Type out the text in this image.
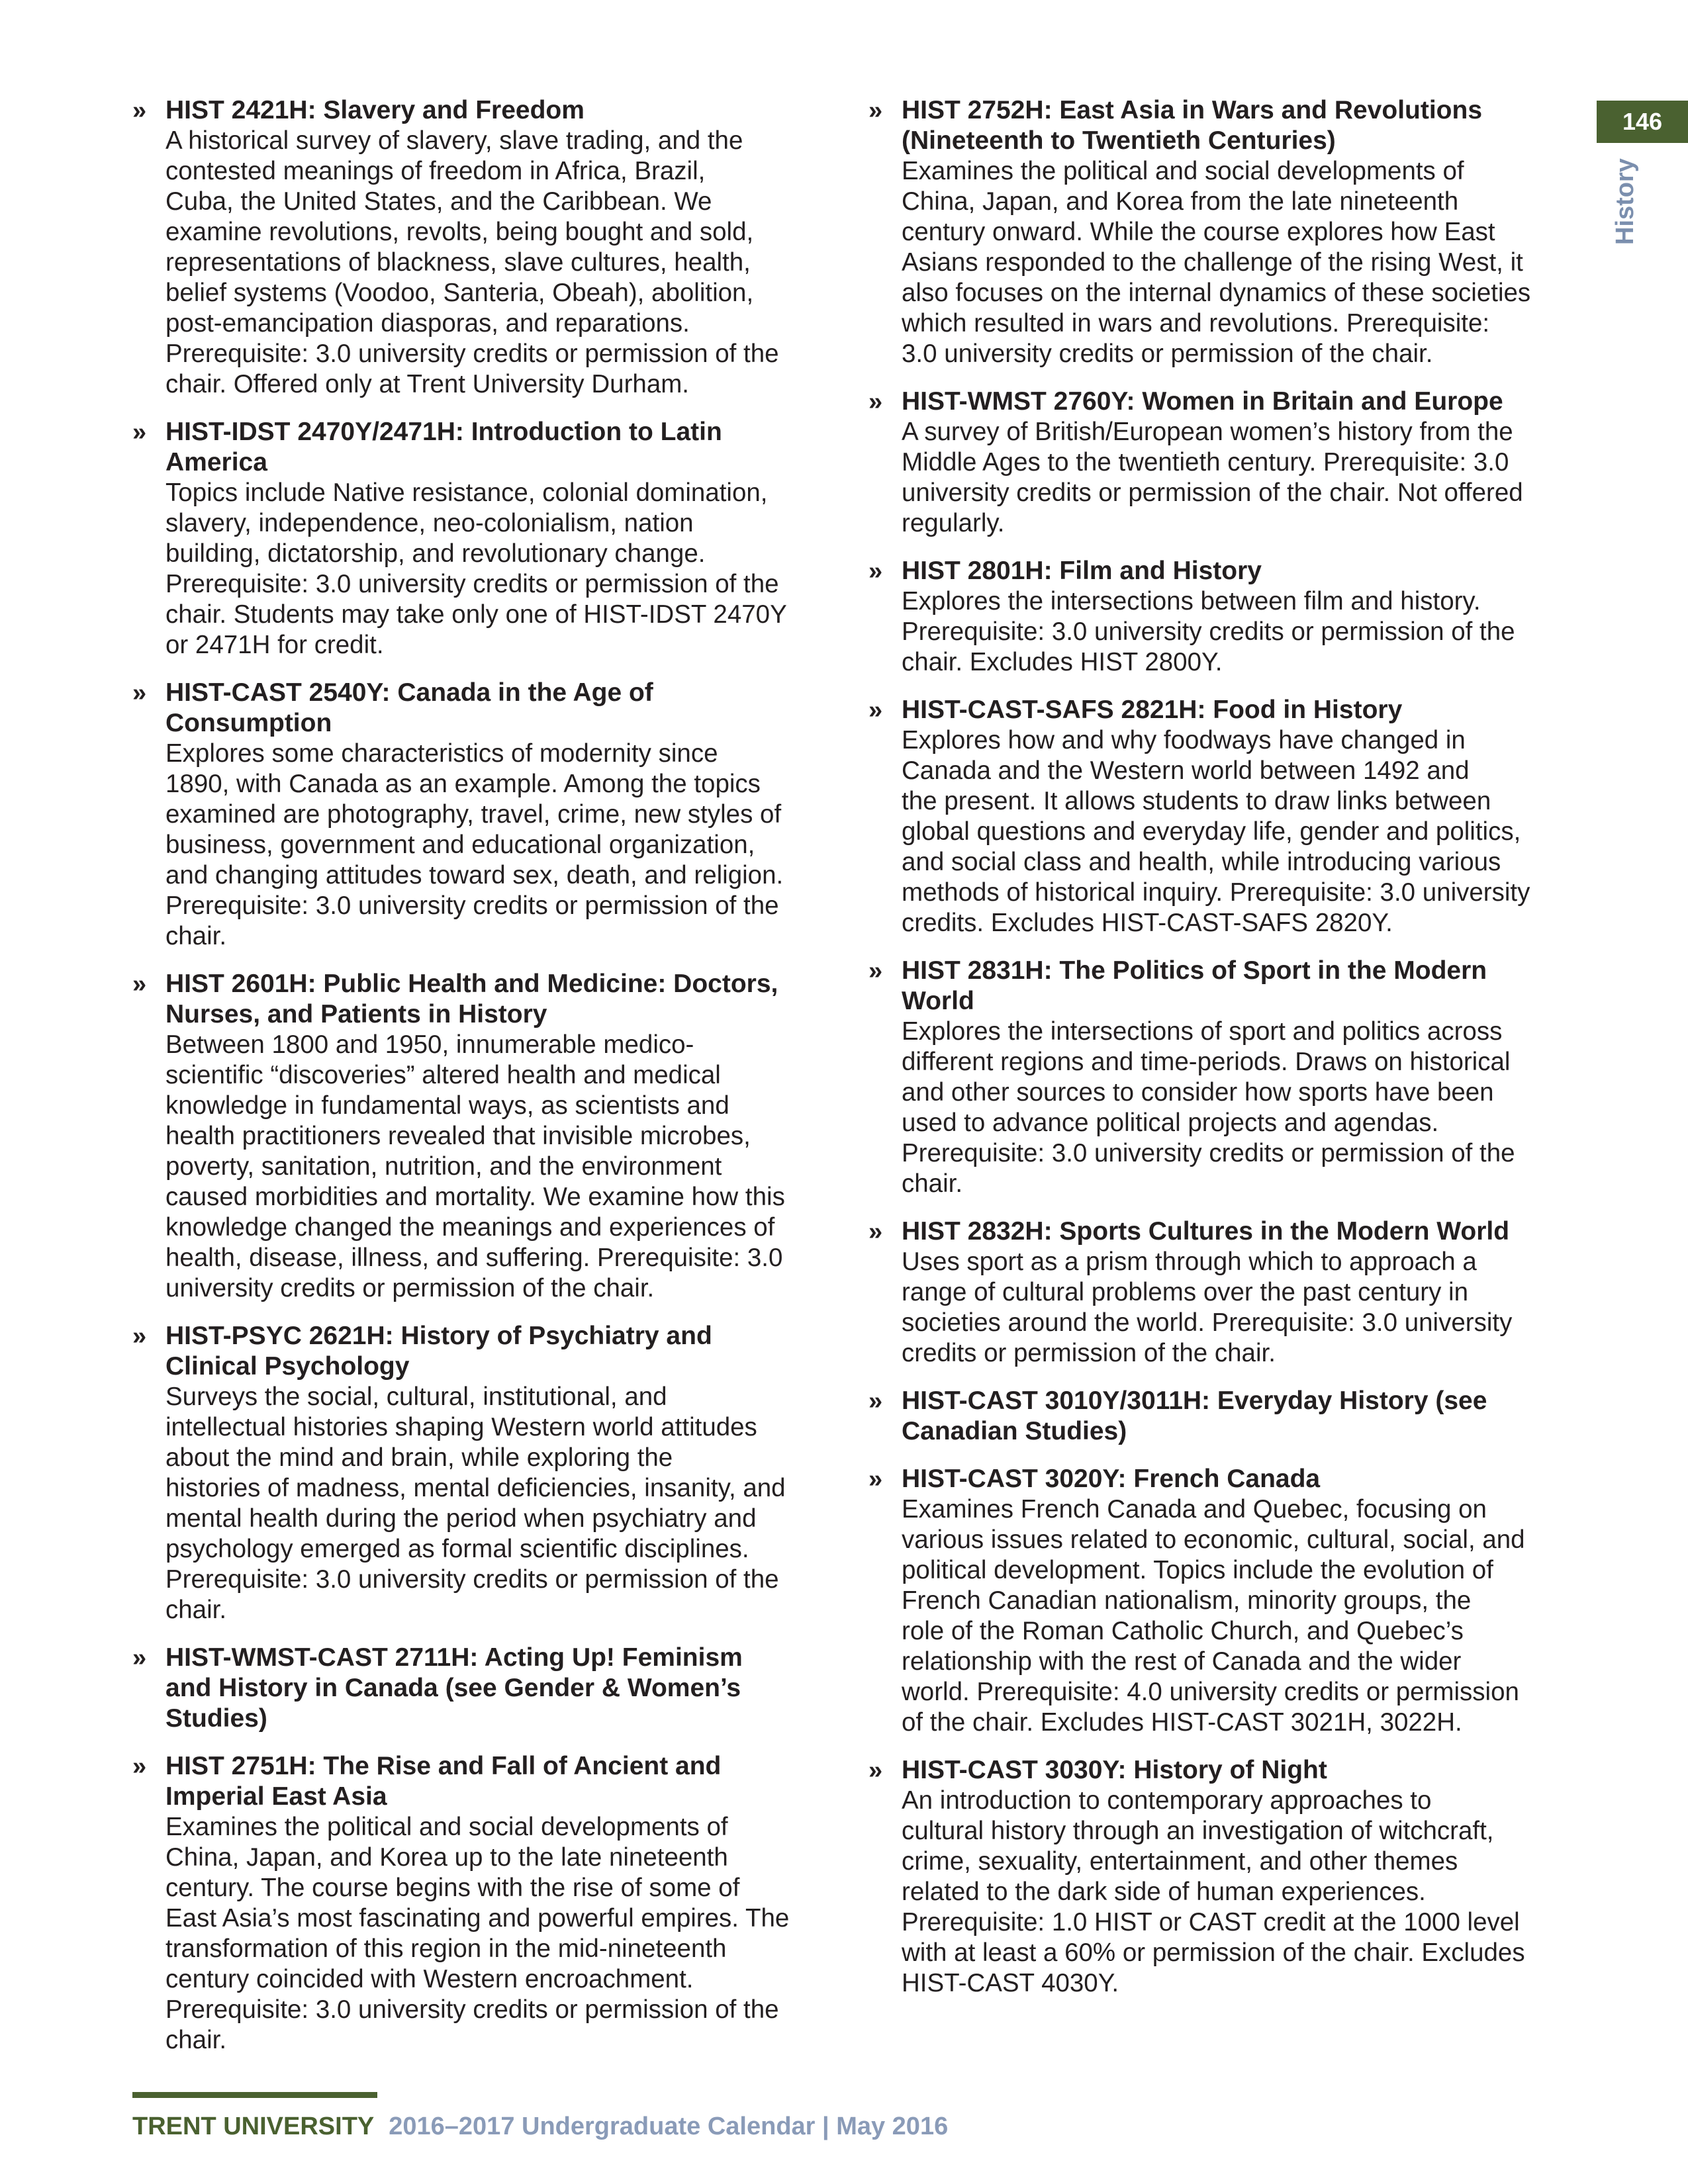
» HIST 2421H: Slavery and Freedom
A historical survey of slavery, slave trading, and the
contested meanings of freedom in Africa, Brazil,
Cuba, the United States, and the Caribbean. We
examine revolutions, revolts, being bought and sold,
representations of blackness, slave cultures, health,
belief systems (Voodoo, Santeria, Obeah), abolition,
post-emancipation diasporas, and reparations.
Prerequisite: 3.0 university credits or permission of the
chair. Offered only at Trent University Durham.
» HIST-IDST 2470Y/2471H: Introduction to Latin
America
Topics include Native resistance, colonial domination,
slavery, independence, neo-colonialism, nation
building, dictatorship, and revolutionary change.
Prerequisite: 3.0 university credits or permission of the
chair. Students may take only one of HIST-IDST 2470Y
or 2471H for credit.
» HIST-CAST 2540Y: Canada in the Age of
Consumption
Explores some characteristics of modernity since
1890, with Canada as an example. Among the topics
examined are photography, travel, crime, new styles of
business, government and educational organization,
and changing attitudes toward sex, death, and religion.
Prerequisite: 3.0 university credits or permission of the
chair.
» HIST 2601H: Public Health and Medicine: Doctors,
Nurses, and Patients in History
Between 1800 and 1950, innumerable medico-
scientific “discoveries” altered health and medical
knowledge in fundamental ways, as scientists and
health practitioners revealed that invisible microbes,
poverty, sanitation, nutrition, and the environment
caused morbidities and mortality. We examine how this
knowledge changed the meanings and experiences of
health, disease, illness, and suffering. Prerequisite: 3.0
university credits or permission of the chair.
» HIST-PSYC 2621H: History of Psychiatry and
Clinical Psychology
Surveys the social, cultural, institutional, and
intellectual histories shaping Western world attitudes
about the mind and brain, while exploring the
histories of madness, mental deficiencies, insanity, and
mental health during the period when psychiatry and
psychology emerged as formal scientific disciplines.
Prerequisite: 3.0 university credits or permission of the
chair.
» HIST-WMST-CAST 2711H: Acting Up! Feminism
and History in Canada (see Gender & Women’s
Studies)
» HIST 2751H: The Rise and Fall of Ancient and
Imperial East Asia
Examines the political and social developments of
China, Japan, and Korea up to the late nineteenth
century. The course begins with the rise of some of
East Asia’s most fascinating and powerful empires. The
transformation of this region in the mid-nineteenth
century coincided with Western encroachment.
Prerequisite: 3.0 university credits or permission of the
chair.
» HIST 2752H: East Asia in Wars and Revolutions
(Nineteenth to Twentieth Centuries)
Examines the political and social developments of
China, Japan, and Korea from the late nineteenth
century onward. While the course explores how East
Asians responded to the challenge of the rising West, it
also focuses on the internal dynamics of these societies
which resulted in wars and revolutions. Prerequisite:
3.0 university credits or permission of the chair.
» HIST-WMST 2760Y: Women in Britain and Europe
A survey of British/European women’s history from the
Middle Ages to the twentieth century. Prerequisite: 3.0
university credits or permission of the chair. Not offered
regularly.
» HIST 2801H: Film and History
Explores the intersections between film and history.
Prerequisite: 3.0 university credits or permission of the
chair. Excludes HIST 2800Y.
» HIST-CAST-SAFS 2821H: Food in History
Explores how and why foodways have changed in
Canada and the Western world between 1492 and
the present. It allows students to draw links between
global questions and everyday life, gender and politics,
and social class and health, while introducing various
methods of historical inquiry. Prerequisite: 3.0 university
credits. Excludes HIST-CAST-SAFS 2820Y.
» HIST 2831H: The Politics of Sport in the Modern
World
Explores the intersections of sport and politics across
different regions and time-periods. Draws on historical
and other sources to consider how sports have been
used to advance political projects and agendas.
Prerequisite: 3.0 university credits or permission of the
chair.
» HIST 2832H: Sports Cultures in the Modern World
Uses sport as a prism through which to approach a
range of cultural problems over the past century in
societies around the world. Prerequisite: 3.0 university
credits or permission of the chair.
» HIST-CAST 3010Y/3011H: Everyday History (see
Canadian Studies)
» HIST-CAST 3020Y: French Canada
Examines French Canada and Quebec, focusing on
various issues related to economic, cultural, social, and
political development. Topics include the evolution of
French Canadian nationalism, minority groups, the
role of the Roman Catholic Church, and Quebec’s
relationship with the rest of Canada and the wider
world. Prerequisite: 4.0 university credits or permission
of the chair. Excludes HIST-CAST 3021H, 3022H.
» HIST-CAST 3030Y: History of Night
An introduction to contemporary approaches to
cultural history through an investigation of witchcraft,
crime, sexuality, entertainment, and other themes
related to the dark side of human experiences.
Prerequisite: 1.0 HIST or CAST credit at the 1000 level
with at least a 60% or permission of the chair. Excludes
HIST-CAST 4030Y.
146
History
TRENT UNIVERSITY 2016–2017 Undergraduate Calendar | May 2016
